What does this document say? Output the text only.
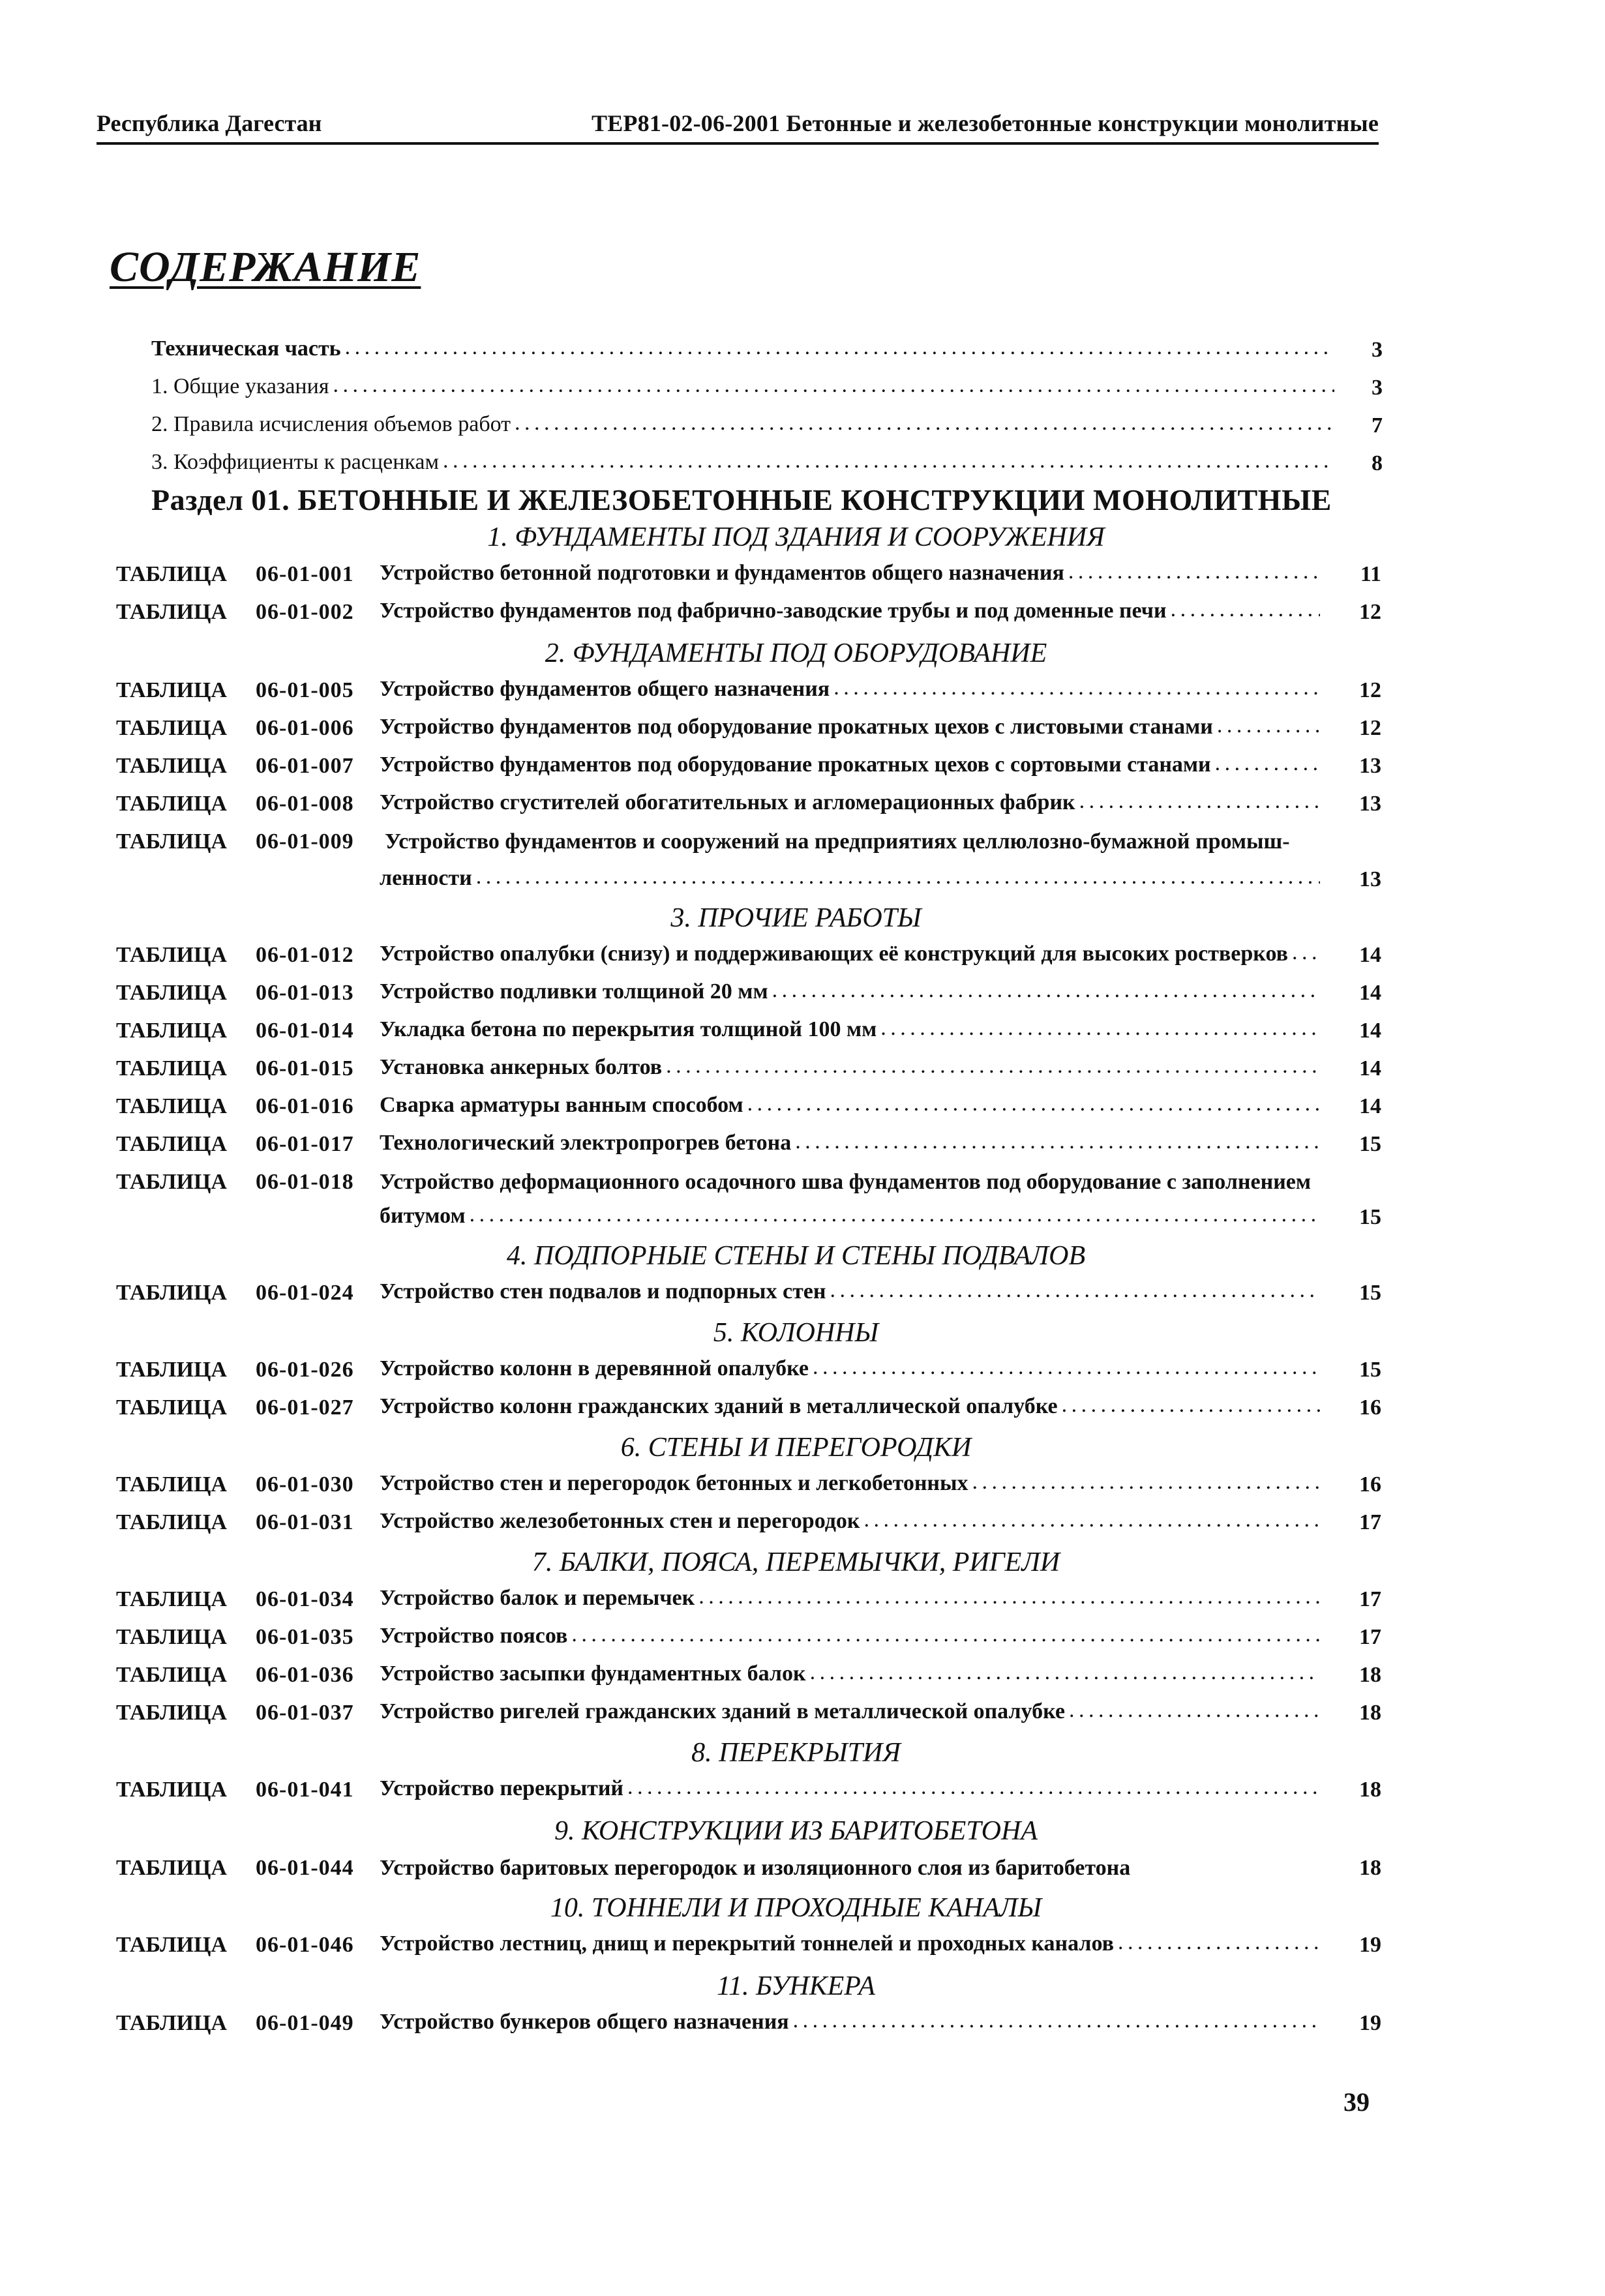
Республика Дагестан	ТЕР81-02-06-2001 Бетонные и железобетонные конструкции монолитные
СОДЕРЖАНИЕ
Техническая часть . . .	3
1. Общие указания . . .	3
2. Правила исчисления объемов работ . . .	7
3. Коэффициенты к расценкам . . .	8
Раздел 01. БЕТОННЫЕ И ЖЕЛЕЗОБЕТОННЫЕ КОНСТРУКЦИИ МОНОЛИТНЫЕ
1. ФУНДАМЕНТЫ ПОД ЗДАНИЯ И СООРУЖЕНИЯ
ТАБЛИЦА 06-01-001 Устройство бетонной подготовки и фундаментов общего назначения . . .	11
ТАБЛИЦА 06-01-002 Устройство фундаментов под фабрично-заводские трубы и под доменные печи . . .	12
2. ФУНДАМЕНТЫ ПОД ОБОРУДОВАНИЕ
ТАБЛИЦА 06-01-005 Устройство фундаментов общего назначения . . .	12
ТАБЛИЦА 06-01-006 Устройство фундаментов под оборудование прокатных цехов с листовыми станами . . .	12
ТАБЛИЦА 06-01-007 Устройство фундаментов под оборудование прокатных цехов с сортовыми станами . . .	13
ТАБЛИЦА 06-01-008 Устройство сгустителей обогатительных и агломерационных фабрик . . .	13
ТАБЛИЦА 06-01-009 Устройство фундаментов и сооружений на предприятиях целлюлозно-бумажной промыш-
ленности . . .	13
3. ПРОЧИЕ РАБОТЫ
ТАБЛИЦА 06-01-012 Устройство опалубки (снизу) и поддерживающих её конструкций для высоких ростверков . . .	14
ТАБЛИЦА 06-01-013 Устройство подливки толщиной 20 мм . . .	14
ТАБЛИЦА 06-01-014 Укладка бетона по перекрытия толщиной 100 мм . . .	14
ТАБЛИЦА 06-01-015 Установка анкерных болтов . . .	14
ТАБЛИЦА 06-01-016 Сварка арматуры ванным способом . . .	14
ТАБЛИЦА 06-01-017 Технологический электропрогрев бетона . . .	15
ТАБЛИЦА 06-01-018 Устройство деформационного осадочного шва фундаментов под оборудование с заполнением
битумом . . .	15
4. ПОДПОРНЫЕ СТЕНЫ И СТЕНЫ ПОДВАЛОВ
ТАБЛИЦА 06-01-024 Устройство стен подвалов и подпорных стен . . .	15
5. КОЛОННЫ
ТАБЛИЦА 06-01-026 Устройство колонн в деревянной опалубке . . .	15
ТАБЛИЦА 06-01-027 Устройство колонн гражданских зданий в металлической опалубке . . .	16
6. СТЕНЫ И ПЕРЕГОРОДКИ
ТАБЛИЦА 06-01-030 Устройство стен и перегородок бетонных и легкобетонных . . .	16
ТАБЛИЦА 06-01-031 Устройство железобетонных стен и перегородок . . .	17
7. БАЛКИ, ПОЯСА, ПЕРЕМЫЧКИ, РИГЕЛИ
ТАБЛИЦА 06-01-034 Устройство балок и перемычек . . .	17
ТАБЛИЦА 06-01-035 Устройство поясов . . .	17
ТАБЛИЦА 06-01-036 Устройство засыпки фундаментных балок . . .	18
ТАБЛИЦА 06-01-037 Устройство ригелей гражданских зданий в металлической опалубке . . .	18
8. ПЕРЕКРЫТИЯ
ТАБЛИЦА 06-01-041 Устройство перекрытий . . .	18
9. КОНСТРУКЦИИ ИЗ БАРИТОБЕТОНА
ТАБЛИЦА 06-01-044 Устройство баритовых перегородок и изоляционного слоя из баритобетона	18
10. ТОННЕЛИ И ПРОХОДНЫЕ КАНАЛЫ
ТАБЛИЦА 06-01-046 Устройство лестниц, днищ и перекрытий тоннелей и проходных каналов . . .	19
11. БУНКЕРА
ТАБЛИЦА 06-01-049 Устройство бункеров общего назначения . . .	19
39
